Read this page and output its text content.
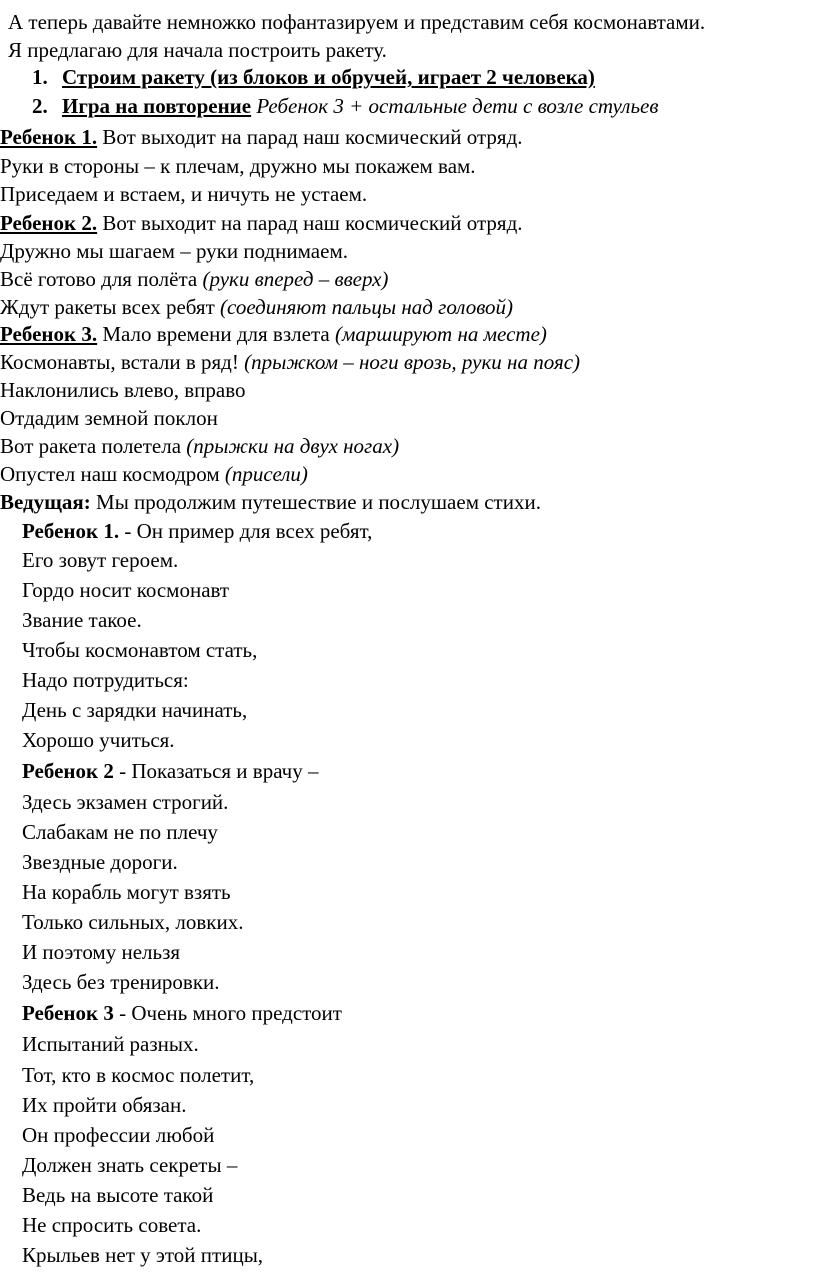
А теперь давайте немножко пофантазируем и представим себя космонавтами.
Я предлагаю для начала построить ракету.
1. Строим ракету (из блоков и обручей, играет 2 человека)
2. Игра на повторение Ребенок 3 + остальные дети с возле стульев
Ребенок 1. Вот выходит на парад наш космический отряд.
Руки в стороны – к плечам, дружно мы покажем вам.
Приседаем и встаем, и ничуть не устаем.
Ребенок 2. Вот выходит на парад наш космический отряд.
Дружно мы шагаем – руки поднимаем.
Всё готово для полёта (руки вперед – вверх)
Ждут ракеты всех ребят (соединяют пальцы над головой)
Ребенок 3. Мало времени для взлета (маршируют на месте)
Космонавты, встали в ряд! (прыжком – ноги врозь, руки на пояс)
Наклонились влево, вправо
Отдадим земной поклон
Вот ракета полетела (прыжки на двух ногах)
Опустел наш космодром (присели)
Ведущая: Мы продолжим путешествие и послушаем стихи.
Ребенок 1. - Он пример для всех ребят,
Его зовут героем.
Гордо носит космонавт
Звание такое.
Чтобы космонавтом стать,
Надо потрудиться:
День с зарядки начинать,
Хорошо учиться.
Ребенок 2 - Показаться и врачу –
Здесь экзамен строгий.
Слабакам не по плечу
Звездные дороги.
На корабль могут взять
Только сильных, ловких.
И поэтому нельзя
Здесь без тренировки.
Ребенок 3 - Очень много предстоит
Испытаний разных.
Тот, кто в космос полетит,
Их пройти обязан.
Он профессии любой
Должен знать секреты –
Ведь на высоте такой
Не спросить совета.
Крыльев нет у этой птицы,
